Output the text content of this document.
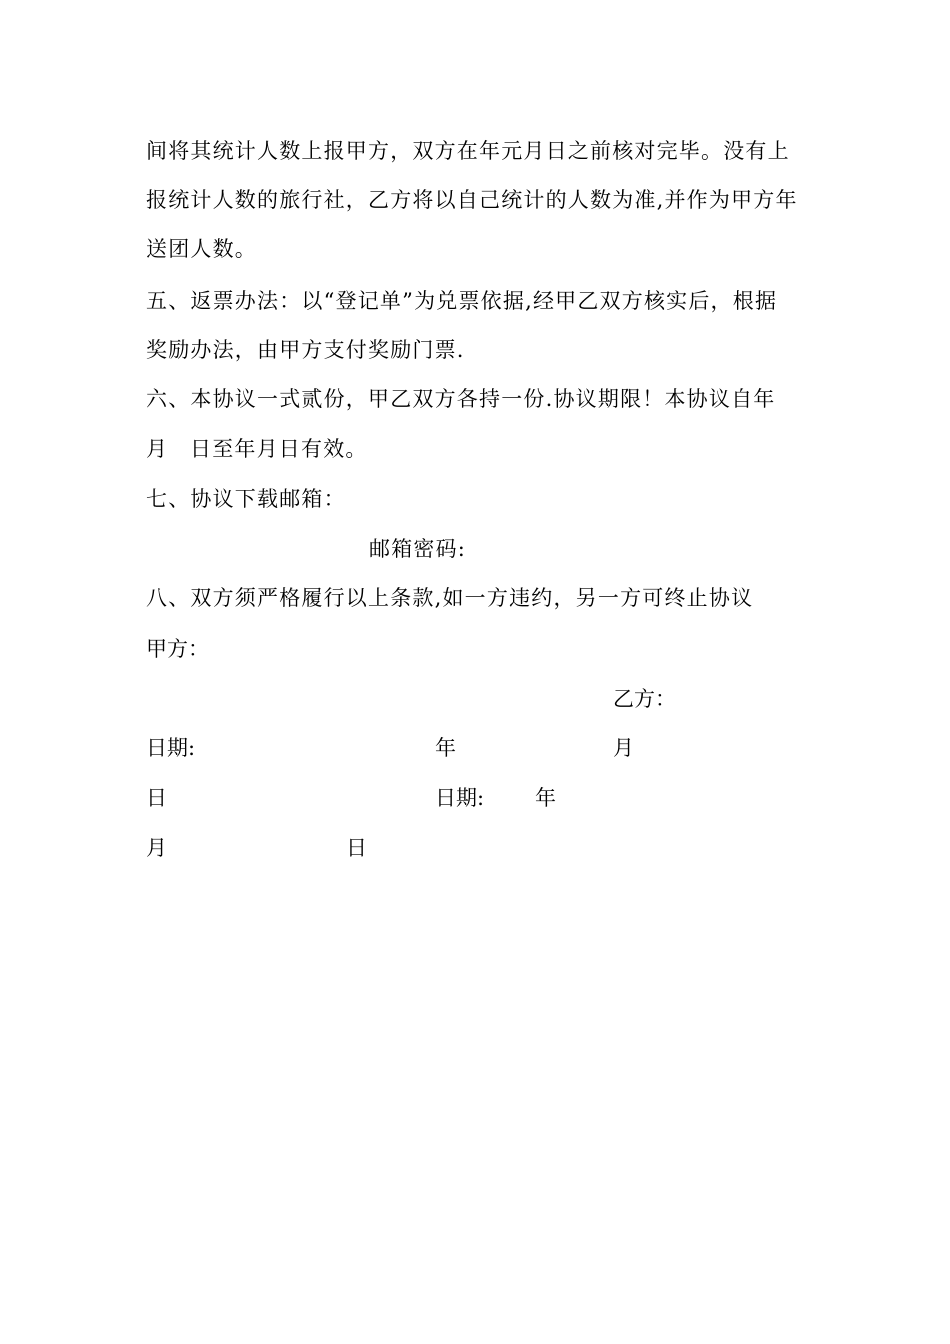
间将其统计人数上报甲方，双方在年元月日之前核对完毕。没有上
报统计人数的旅行社，乙方将以自己统计的人数为准,并作为甲方年
送团人数。
五、返票办法：以“登记单”为兑票依据,经甲乙双方核实后，根据
奖励办法，由甲方支付奖励门票.
六、本协议一式贰份，甲乙双方各持一份.协议期限！本协议自年
月 日至年月日有效。
七、协议下载邮箱：
邮箱密码:
八、双方须严格履行以上条款,如一方违约，另一方可终止协议
甲方：
乙方：
日期:	年	月
日	日期: 年
月	日
